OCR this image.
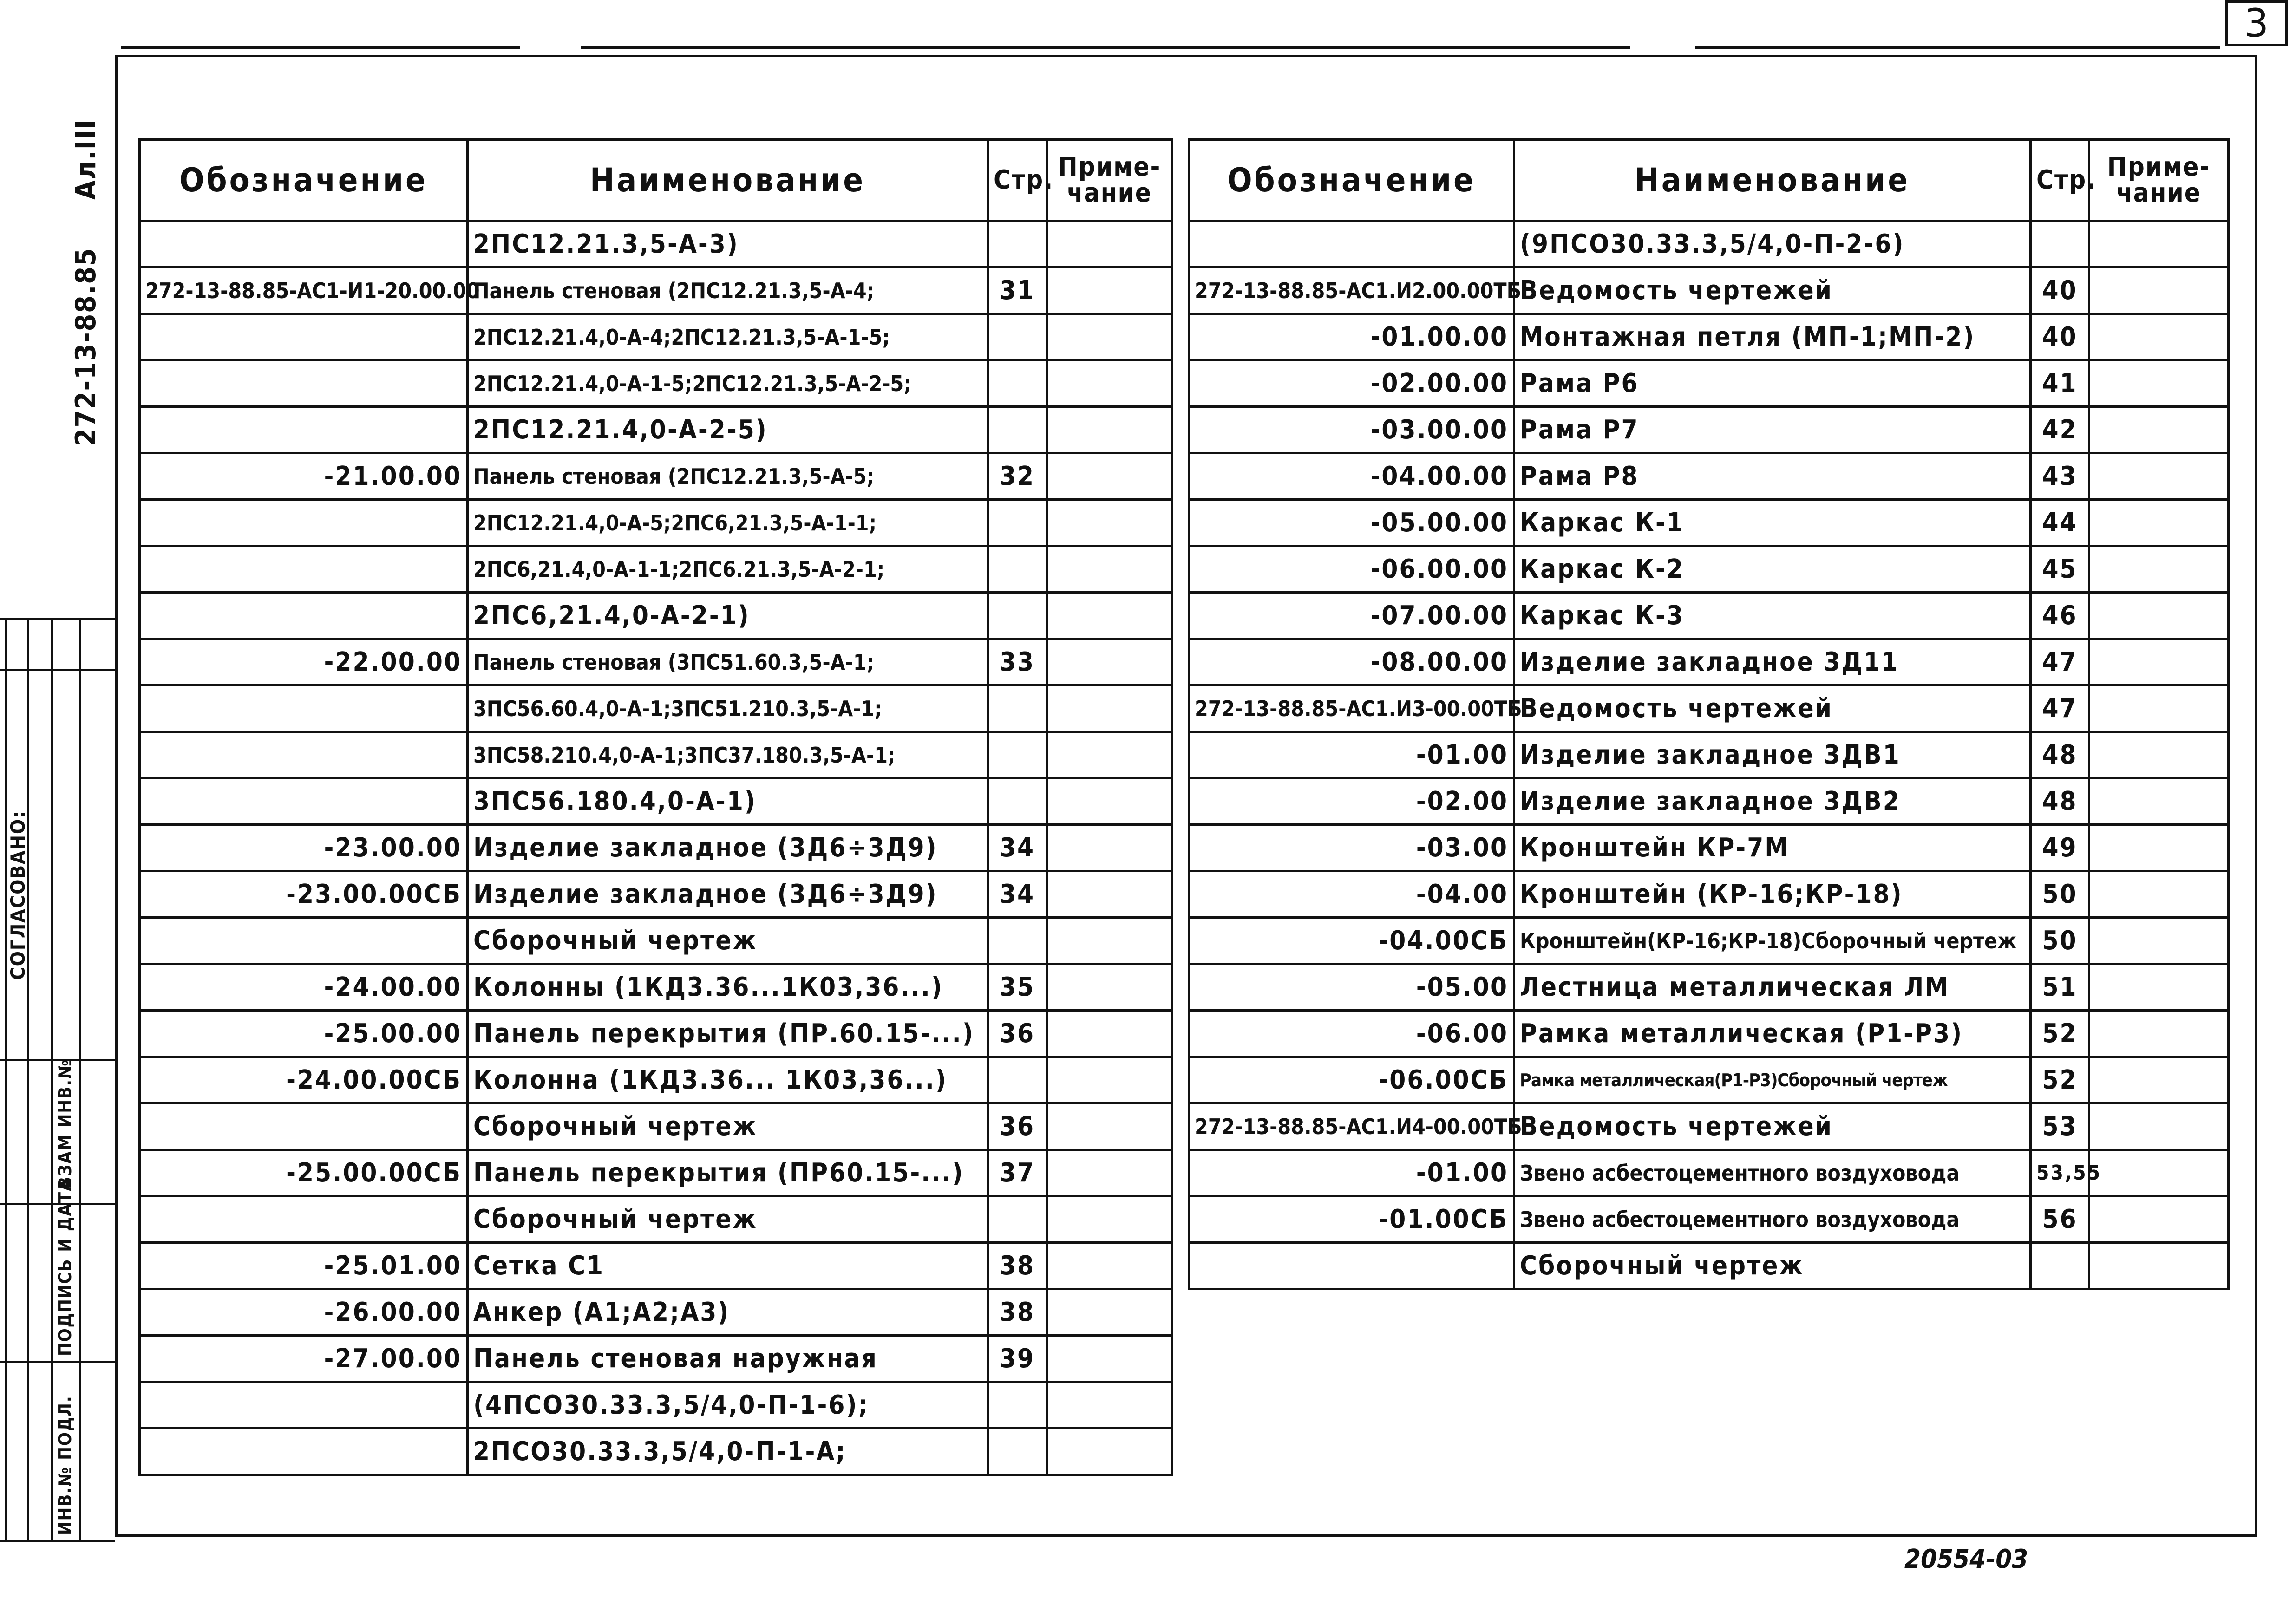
3
Ал.III
272-13-88.85
СОГЛАСОВАНО:
ВЗАМ ИНВ.№
ПОДПИСЬ И ДАТА
ИНВ.№ ПОДЛ.
Обозначение	Наименование	Стр.	Приме-чание
	2ПС12.21.3,5-А-3)		
272-13-88.85-АС1-И1-20.00.00	Панель стеновая (2ПС12.21.3,5-А-4;	31	
	2ПС12.21.4,0-А-4;2ПС12.21.3,5-А-1-5;		
	2ПС12.21.4,0-А-1-5;2ПС12.21.3,5-А-2-5;		
	2ПС12.21.4,0-А-2-5)		
-21.00.00	Панель стеновая (2ПС12.21.3,5-А-5;	32	
	2ПС12.21.4,0-А-5;2ПС6,21.3,5-А-1-1;		
	2ПС6,21.4,0-А-1-1;2ПС6.21.3,5-А-2-1;		
	2ПС6,21.4,0-А-2-1)		
-22.00.00	Панель стеновая (3ПС51.60.3,5-А-1;	33	
	3ПС56.60.4,0-А-1;3ПС51.210.3,5-А-1;		
	3ПС58.210.4,0-А-1;3ПС37.180.3,5-А-1;		
	3ПС56.180.4,0-А-1)		
-23.00.00	Изделие закладное (3Д6÷3Д9)	34	
-23.00.00СБ	Изделие закладное (3Д6÷3Д9)	34	
	Сборочный чертеж		
-24.00.00	Колонны (1КД3.36...1К03,36...)	35	
-25.00.00	Панель перекрытия (ПР.60.15-...)	36	
-24.00.00СБ	Колонна (1КД3.36... 1К03,36...)		
	Сборочный чертеж	36	
-25.00.00СБ	Панель перекрытия (ПР60.15-...)	37	
	Сборочный чертеж		
-25.01.00	Сетка С1	38	
-26.00.00	Анкер (А1;А2;А3)	38	
-27.00.00	Панель стеновая наружная	39	
	(4ПСО30.33.3,5/4,0-П-1-6);		
	2ПСО30.33.3,5/4,0-П-1-А;		
Обозначение	Наименование	Стр.	Приме-чание
	(9ПСО30.33.3,5/4,0-П-2-6)		
272-13-88.85-АС1.И2.00.00ТБ	Ведомость чертежей	40	
-01.00.00	Монтажная петля (МП-1;МП-2)	40	
-02.00.00	Рама Р6	41	
-03.00.00	Рама Р7	42	
-04.00.00	Рама Р8	43	
-05.00.00	Каркас К-1	44	
-06.00.00	Каркас К-2	45	
-07.00.00	Каркас К-3	46	
-08.00.00	Изделие закладное 3Д11	47	
272-13-88.85-АС1.И3-00.00ТБ	Ведомость чертежей	47	
-01.00	Изделие закладное 3ДВ1	48	
-02.00	Изделие закладное 3ДВ2	48	
-03.00	Кронштейн КР-7М	49	
-04.00	Кронштейн (КР-16;КР-18)	50	
-04.00СБ	Кронштейн(КР-16;КР-18)Сборочный чертеж	50	
-05.00	Лестница металлическая ЛМ	51	
-06.00	Рамка металлическая (Р1-Р3)	52	
-06.00СБ	Рамка металлическая(Р1-Р3)Сборочный чертеж	52	
272-13-88.85-АС1.И4-00.00ТБ	Ведомость чертежей	53	
-01.00	Звено асбестоцементного воздуховода	53,55	
-01.00СБ	Звено асбестоцементного воздуховода	56	
	Сборочный чертеж		
20554-03
